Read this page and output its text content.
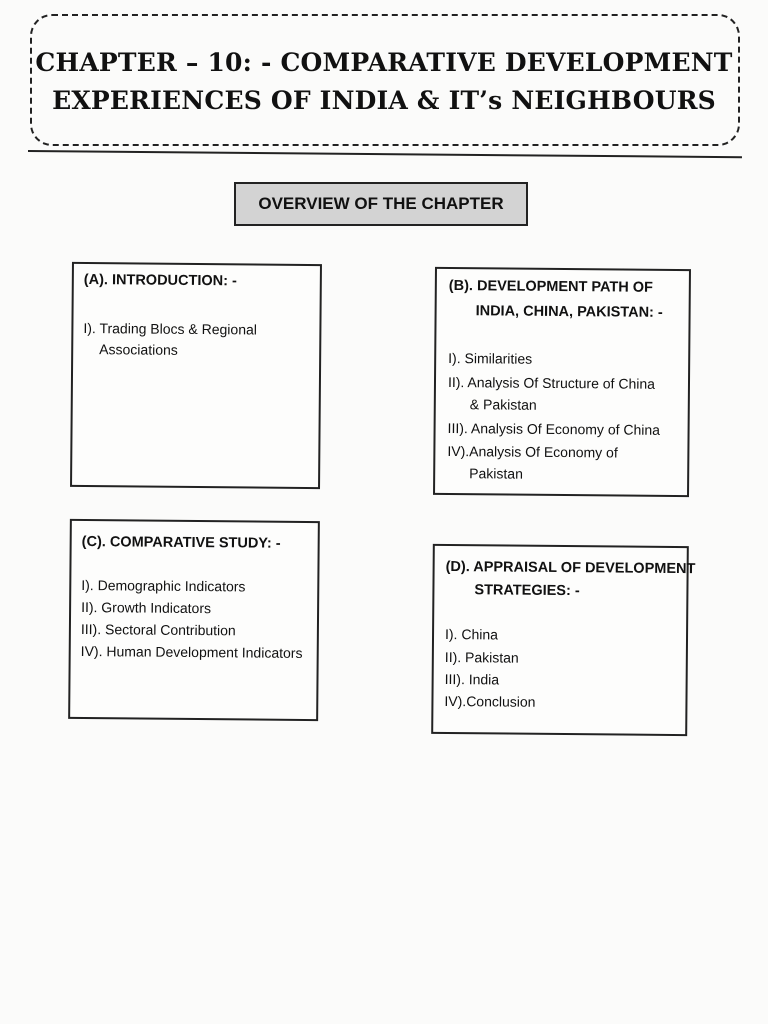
CHAPTER – 10: - COMPARATIVE DEVELOPMENT
EXPERIENCES OF INDIA & IT’s NEIGHBOURS
OVERVIEW OF THE CHAPTER
(A). INTRODUCTION: -
I). Trading Blocs & Regional
Associations
(B). DEVELOPMENT PATH OF
INDIA, CHINA, PAKISTAN: -
I). Similarities
II). Analysis Of Structure of China
& Pakistan
III). Analysis Of Economy of China
IV).Analysis Of Economy of
Pakistan
(C). COMPARATIVE STUDY: -
I). Demographic Indicators
II). Growth Indicators
III). Sectoral Contribution
IV). Human Development Indicators
(D). APPRAISAL OF DEVELOPMENT
STRATEGIES: -
I). China
II). Pakistan
III). India
IV).Conclusion
